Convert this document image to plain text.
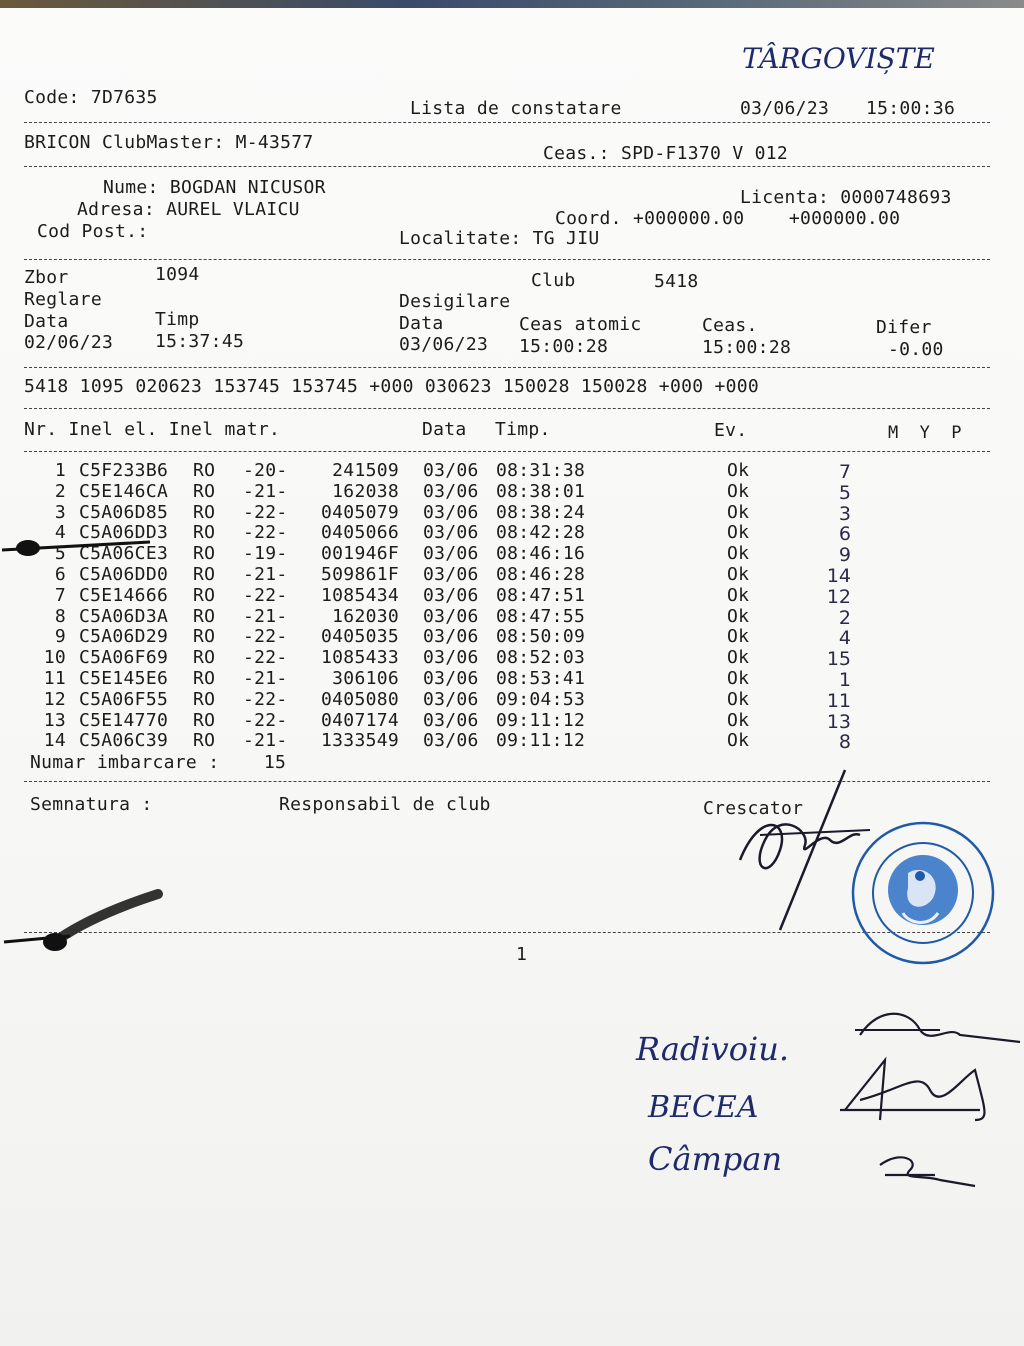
TÂRGOVIȘTE
Code: 7D7635
Lista de constatare	03/06/23 15:00:36
BRICON ClubMaster: M-43577
Ceas.: SPD-F1370 V 012
Nume: BOGDAN NICUSOR
Adresa: AUREL VLAICU
Cod Post.:
Licenta: 0000748693
Coord. +000000.00    +000000.00
Localitate: TG JIU
Zbor	1094	Club	5418
Reglare	Desigilare
Data	Timp	Data	Ceas atomic	Ceas.	Difer
02/06/23 15:37:45	03/06/23 15:00:28	15:00:28	-0.00
5418 1095 020623 153745 153745 +000 030623 150028 150028 +000 +000
Nr. Inel el. Inel matr.	Data Timp.	Ev.	M  Y  P
1 C5F233B6 RO -20- 241509 03/06 08:31:38	Ok	7
2 C5E146CA RO -21- 162038 03/06 08:38:01	Ok	5
3 C5A06D85 RO -22- 0405079 03/06 08:38:24	Ok	3
4 C5A06DD3 RO -22- 0405066 03/06 08:42:28	Ok	6
5 C5A06CE3 RO -19- 001946F 03/06 08:46:16	Ok	9
6 C5A06DD0 RO -21- 509861F 03/06 08:46:28	Ok	14
7 C5E14666 RO -22- 1085434 03/06 08:47:51	Ok	12
8 C5A06D3A RO -21- 162030 03/06 08:47:55	Ok	2
9 C5A06D29 RO -22- 0405035 03/06 08:50:09	Ok	4
10 C5A06F69 RO -22- 1085433 03/06 08:52:03	Ok	15
11 C5E145E6 RO -21- 306106 03/06 08:53:41	Ok	1
12 C5A06F55 RO -22- 0405080 03/06 09:04:53	Ok	11
13 C5E14770 RO -22- 0407174 03/06 09:11:12	Ok	13
14 C5A06C39 RO -21- 1333549 03/06 09:11:12	Ok	8
Numar imbarcare :    15
Semnatura :	Responsabil de club	Crescator
1
Radivoiu.
BECEA
Câmpan
